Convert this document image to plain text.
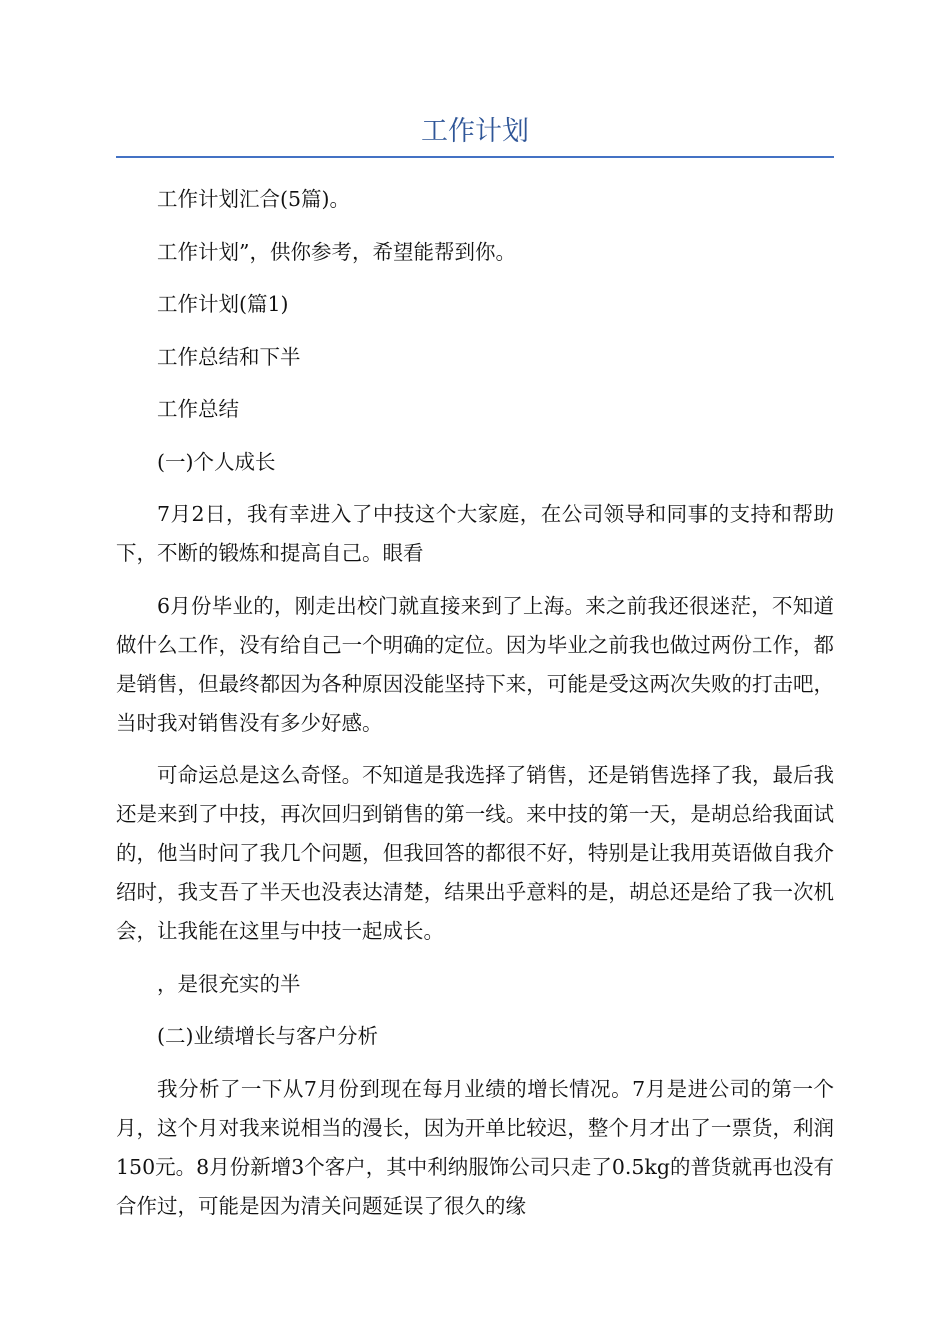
工作计划

工作计划汇合(5篇)。

工作计划”，供你参考，希望能帮到你。

工作计划(篇1)

工作总结和下半

工作总结

(一)个人成长

7月2日，我有幸进入了中技这个大家庭，在公司领导和同事的支持和帮助下，不断的锻炼和提高自己。眼看

6月份毕业的，刚走出校门就直接来到了上海。来之前我还很迷茫，不知道做什么工作，没有给自己一个明确的定位。因为毕业之前我也做过两份工作，都是销售，但最终都因为各种原因没能坚持下来，可能是受这两次失败的打击吧，当时我对销售没有多少好感。

可命运总是这么奇怪。不知道是我选择了销售，还是销售选择了我，最后我还是来到了中技，再次回归到销售的第一线。来中技的第一天，是胡总给我面试的，他当时问了我几个问题，但我回答的都很不好，特别是让我用英语做自我介绍时，我支吾了半天也没表达清楚，结果出乎意料的是，胡总还是给了我一次机会，让我能在这里与中技一起成长。

，是很充实的半

(二)业绩增长与客户分析

我分析了一下从7月份到现在每月业绩的增长情况。7月是进公司的第一个月，这个月对我来说相当的漫长，因为开单比较迟，整个月才出了一票货，利润150元。8月份新增3个客户，其中利纳服饰公司只走了0.5kg的普货就再也没有合作过，可能是因为清关问题延误了很久的缘
